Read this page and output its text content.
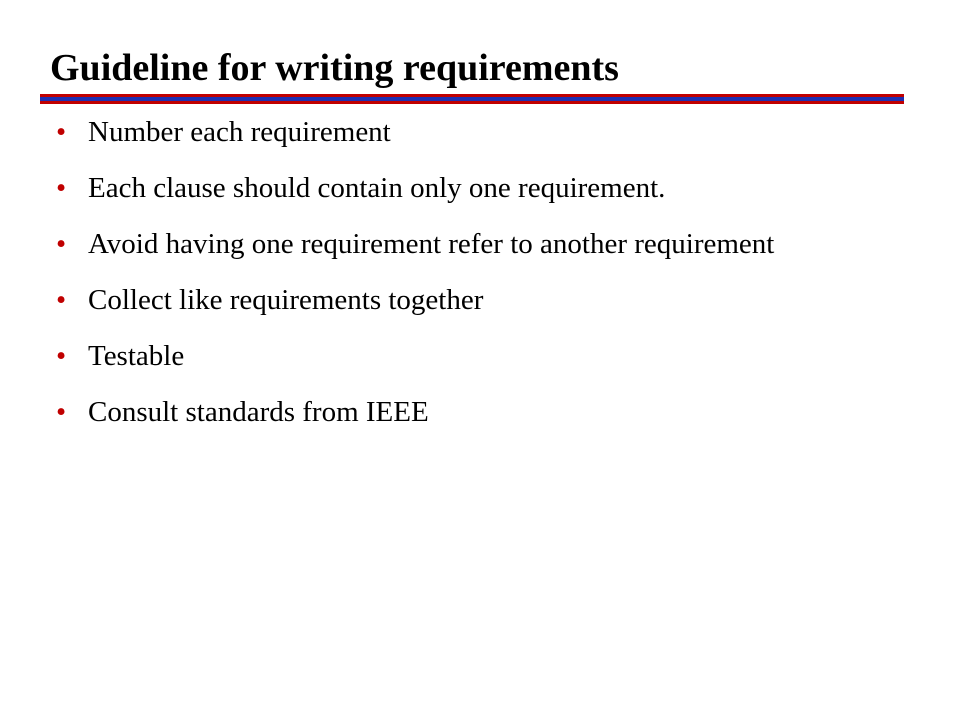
Guideline for writing requirements
• Number each requirement
• Each clause should contain only one requirement.
• Avoid having one requirement refer to another requirement
• Collect like requirements together
• Testable
• Consult standards from IEEE
